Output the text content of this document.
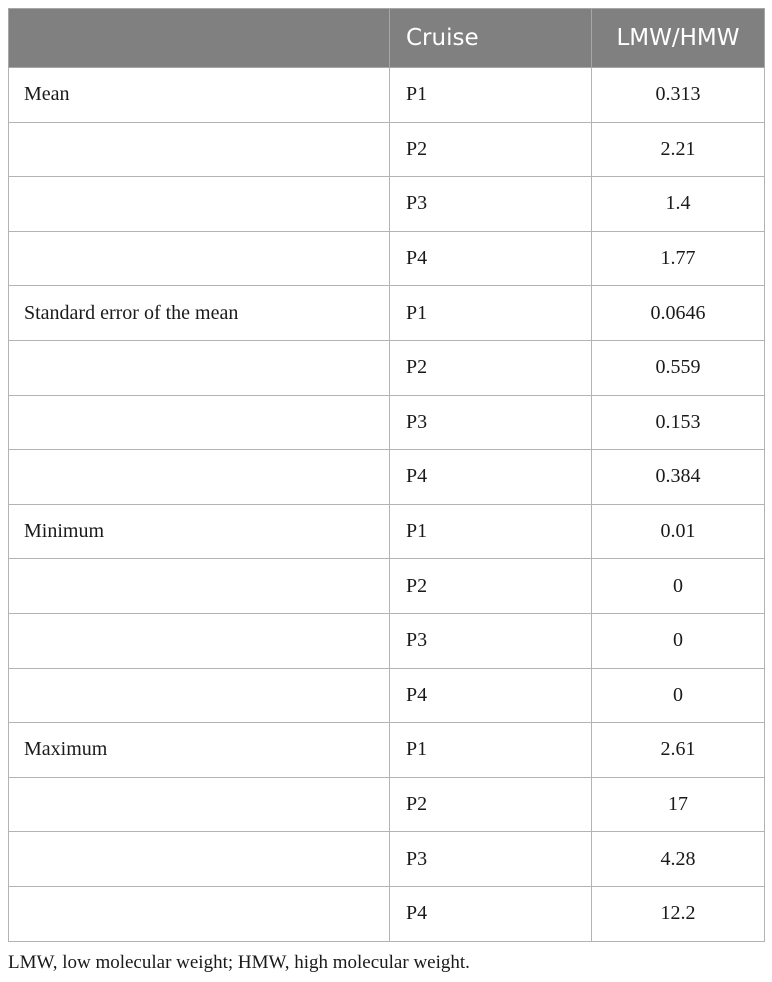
	Cruise	LMW/HMW
Mean	P1	0.313
	P2	2.21
	P3	1.4
	P4	1.77
Standard error of the mean	P1	0.0646
	P2	0.559
	P3	0.153
	P4	0.384
Minimum	P1	0.01
	P2	0
	P3	0
	P4	0
Maximum	P1	2.61
	P2	17
	P3	4.28
	P4	12.2
LMW, low molecular weight; HMW, high molecular weight.
